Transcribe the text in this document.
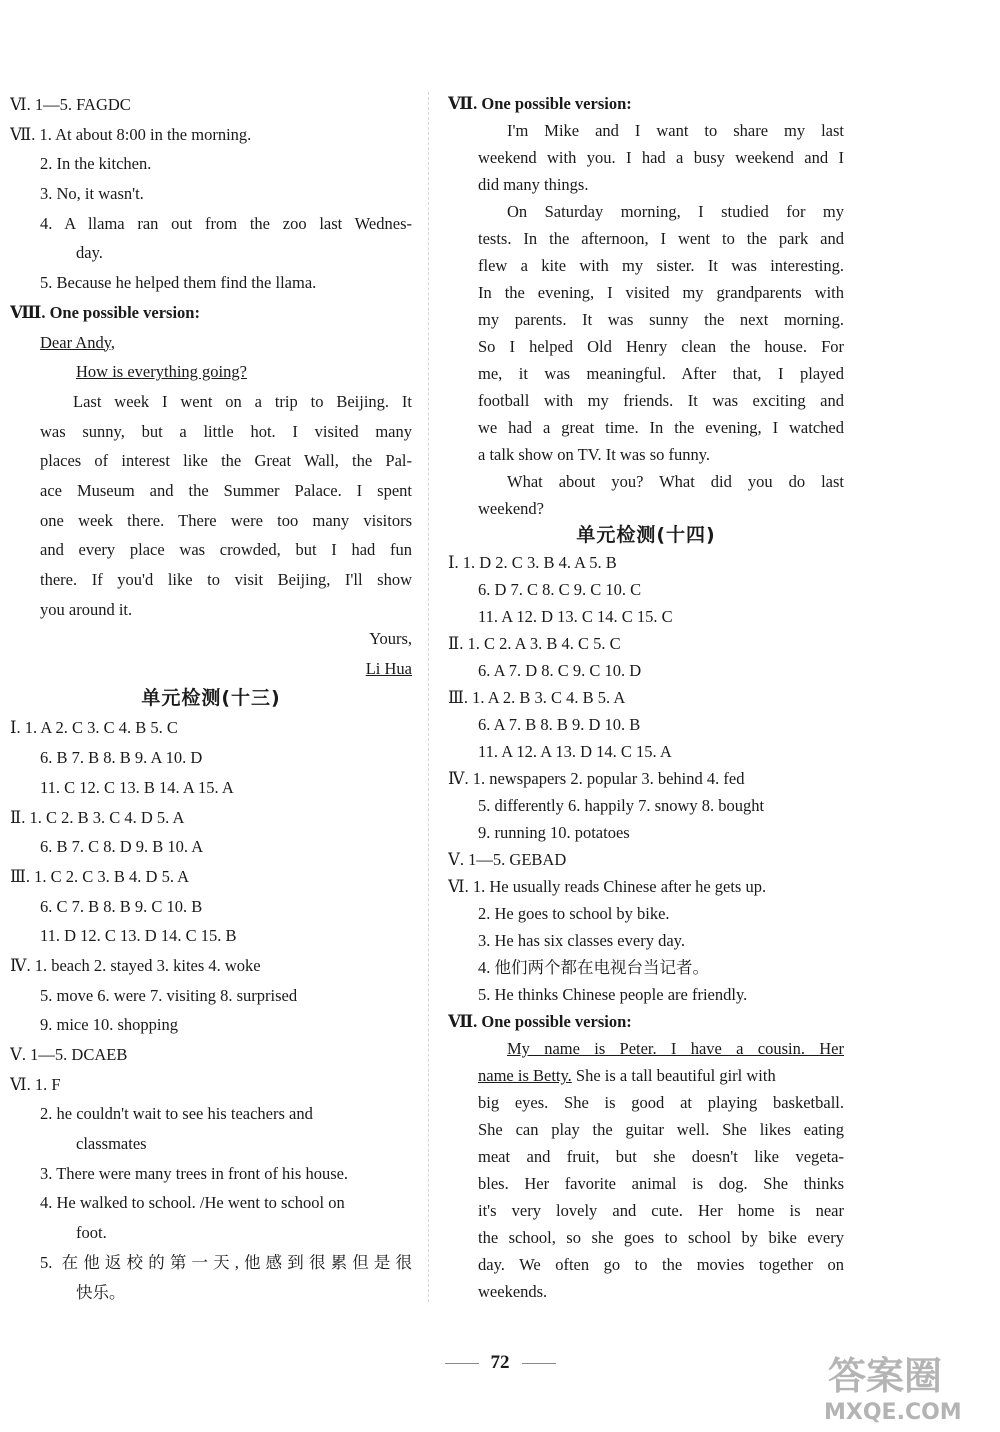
Ⅵ. 1—5. FAGDC
Ⅶ. 1. At about 8:00 in the morning.
2. In the kitchen.
3. No, it wasn't.
4. A llama ran out from the zoo last Wednes-
day.
5. Because he helped them find the llama.
Ⅷ. One possible version:
Dear Andy,
How is everything going?
Last week I went on a trip to Beijing. It
was sunny, but a little hot. I visited many
places of interest like the Great Wall, the Pal-
ace Museum and the Summer Palace. I spent
one week there. There were too many visitors
and every place was crowded, but I had fun
there. If you'd like to visit Beijing, I'll show
you around it.
Yours,
Li Hua
单元检测(十三)
Ⅰ. 1. A 2. C 3. C 4. B 5. C
6. B 7. B 8. B 9. A 10. D
11. C 12. C 13. B 14. A 15. A
Ⅱ. 1. C 2. B 3. C 4. D 5. A
6. B 7. C 8. D 9. B 10. A
Ⅲ. 1. C 2. C 3. B 4. D 5. A
6. C 7. B 8. B 9. C 10. B
11. D 12. C 13. D 14. C 15. B
Ⅳ. 1. beach 2. stayed 3. kites 4. woke
5. move 6. were 7. visiting 8. surprised
9. mice 10. shopping
Ⅴ. 1—5. DCAEB
Ⅵ. 1. F
2. he couldn't wait to see his teachers and
classmates
3. There were many trees in front of his house.
4. He walked to school. /He went to school on
foot.
5. 在他返校的第一天,他感到很累但是很
快乐。
Ⅶ. One possible version:
I'm Mike and I want to share my last
weekend with you. I had a busy weekend and I
did many things.
On Saturday morning, I studied for my
tests. In the afternoon, I went to the park and
flew a kite with my sister. It was interesting.
In the evening, I visited my grandparents with
my parents. It was sunny the next morning.
So I helped Old Henry clean the house. For
me, it was meaningful. After that, I played
football with my friends. It was exciting and
we had a great time. In the evening, I watched
a talk show on TV. It was so funny.
What about you? What did you do last
weekend?
单元检测(十四)
Ⅰ. 1. D 2. C 3. B 4. A 5. B
6. D 7. C 8. C 9. C 10. C
11. A 12. D 13. C 14. C 15. C
Ⅱ. 1. C 2. A 3. B 4. C 5. C
6. A 7. D 8. C 9. C 10. D
Ⅲ. 1. A 2. B 3. C 4. B 5. A
6. A 7. B 8. B 9. D 10. B
11. A 12. A 13. D 14. C 15. A
Ⅳ. 1. newspapers 2. popular 3. behind 4. fed
5. differently 6. happily 7. snowy 8. bought
9. running 10. potatoes
Ⅴ. 1—5. GEBAD
Ⅵ. 1. He usually reads Chinese after he gets up.
2. He goes to school by bike.
3. He has six classes every day.
4. 他们两个都在电视台当记者。
5. He thinks Chinese people are friendly.
Ⅶ. One possible version:
My name is Peter. I have a cousin. Her
name is Betty. She is a tall beautiful girl with
big eyes. She is good at playing basketball.
She can play the guitar well. She likes eating
meat and fruit, but she doesn't like vegeta-
bles. Her favorite animal is dog. She thinks
it's very lovely and cute. Her home is near
the school, so she goes to school by bike every
day. We often go to the movies together on
weekends.
72	答案圈
MXQE.COM
